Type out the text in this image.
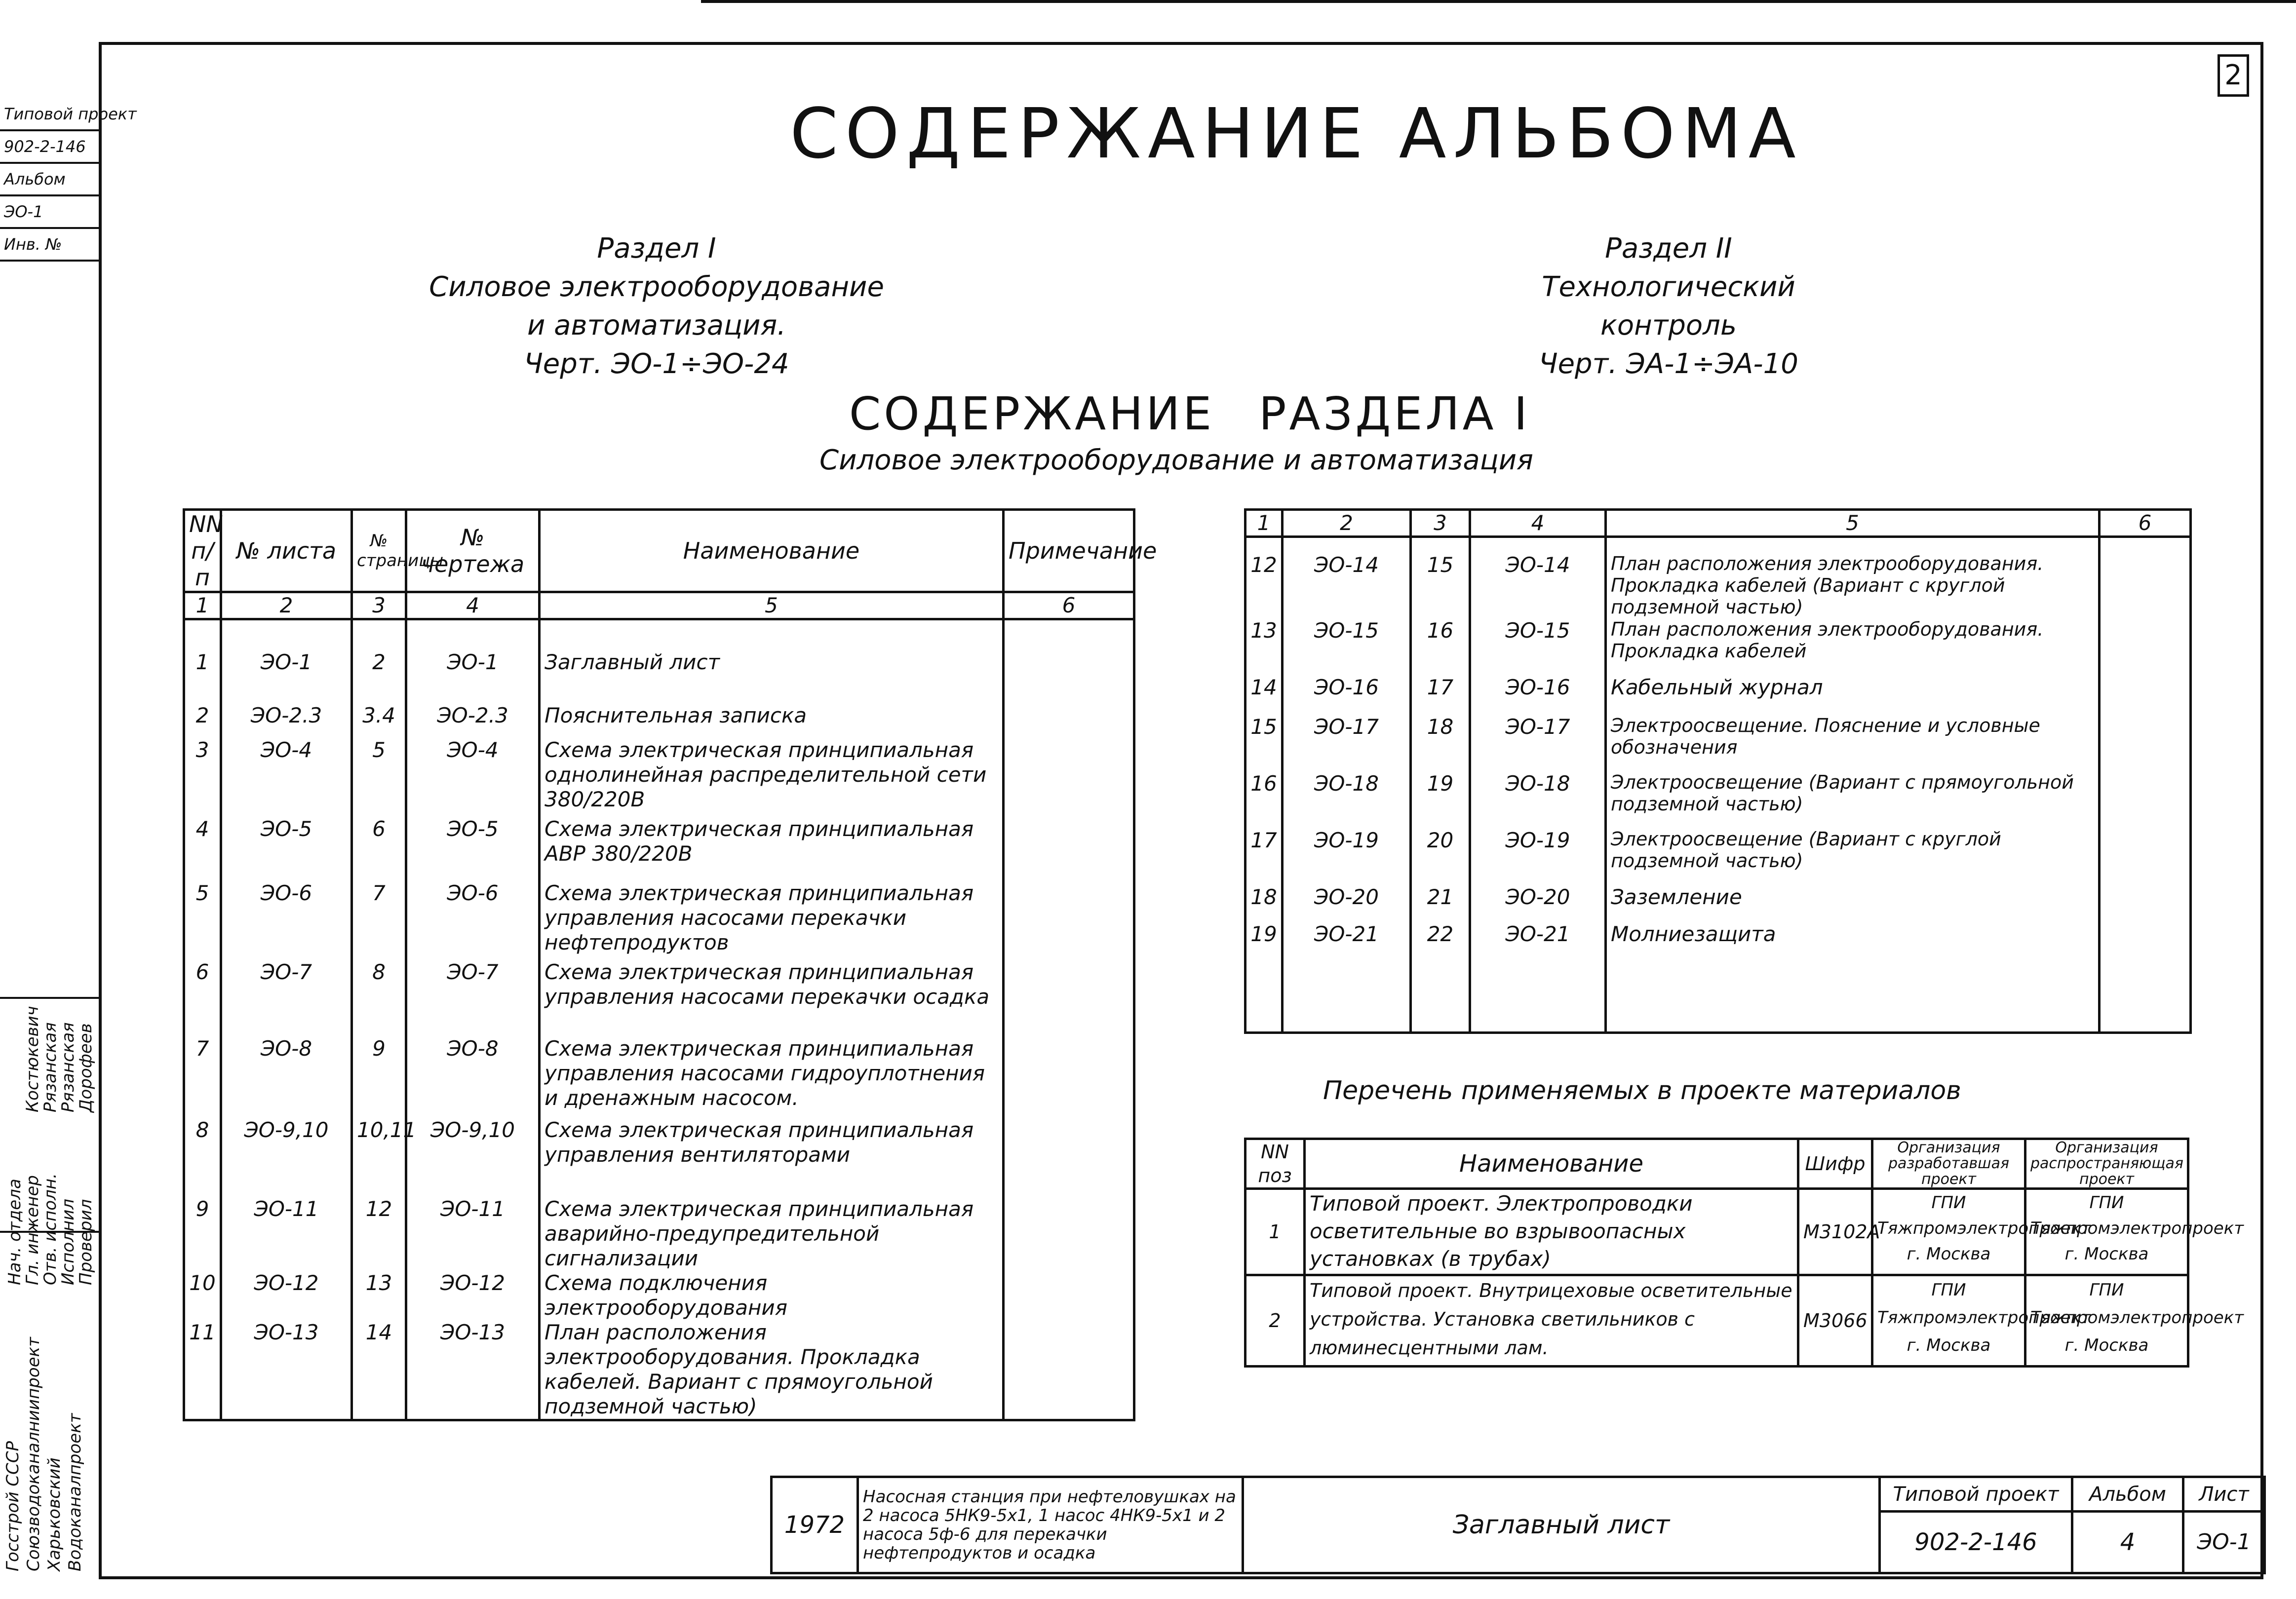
Типовой проект
902-2-146
Альбом
ЭО-1
Инв. №
Госстрой СССР Союзводоканалниипроект Харьковский Водоканалпроект
Нач. отдела
Гл. инженер
Отв. исполн.
Исполнил
Проверил
Костюкевич
Рязанская
Рязанская
Дорофеев
2
СОДЕРЖАНИЕ АЛЬБОМА
Раздел I
Силовое электрооборудование
и автоматизация.
Черт. ЭО-1÷ЭО-24
Раздел II
Технологический
контроль
Черт. ЭА-1÷ЭА-10
СОДЕРЖАНИЕ РАЗДЕЛА I
Силовое электрооборудование и автоматизация
NN п/п	№ листа	№ страницы	№ чертежа	Наименование	Примечание
1	2	3	4	5	6
1	ЭО-1	2	ЭО-1	Заглавный лист	
2	ЭО-2.3	3.4	ЭО-2.3	Пояснительная записка	
3	ЭО-4	5	ЭО-4	Схема электрическая принципиальная однолинейная распределительной сети 380/220В	
4	ЭО-5	6	ЭО-5	Схема электрическая принципиальная АВР 380/220В	
5	ЭО-6	7	ЭО-6	Схема электрическая принципиальная управления насосами перекачки нефтепродуктов	
6	ЭО-7	8	ЭО-7	Схема электрическая принципиальная управления насосами перекачки осадка	
7	ЭО-8	9	ЭО-8	Схема электрическая принципиальная управления насосами гидроуплотнения и дренажным насосом.	
8	ЭО-9,10	10,11	ЭО-9,10	Схема электрическая принципиальная управления вентиляторами	
9	ЭО-11	12	ЭО-11	Схема электрическая принципиальная аварийно-предупредительной сигнализации	
10	ЭО-12	13	ЭО-12	Схема подключения электрооборудования	
11	ЭО-13	14	ЭО-13	План расположения электрооборудования. Прокладка кабелей. Вариант с прямоугольной подземной частью)	
1	2	3	4	5	6
12	ЭО-14	15	ЭО-14	План расположения электрооборудования. Прокладка кабелей (Вариант с круглой подземной частью)	
13	ЭО-15	16	ЭО-15	План расположения электрооборудования. Прокладка кабелей	
14	ЭО-16	17	ЭО-16	Кабельный журнал	
15	ЭО-17	18	ЭО-17	Электроосвещение. Пояснение и условные обозначения	
16	ЭО-18	19	ЭО-18	Электроосвещение (Вариант с прямоугольной подземной частью)	
17	ЭО-19	20	ЭО-19	Электроосвещение (Вариант с круглой подземной частью)	
18	ЭО-20	21	ЭО-20	Заземление	
19	ЭО-21	22	ЭО-21	Молниезащита	
Перечень применяемых в проекте материалов
NN поз	Наименование	Шифр	Организация разработавшая проект	Организация распространяющая проект
1	Типовой проект. Электропроводки осветительные во взрывоопасных установках (в трубах)	М3102А	ГПИ Тяжпромэлектропроект г. Москва	ГПИ Тяжпромэлектропроект г. Москва
2	Типовой проект. Внутрицеховые осветительные устройства. Установка светильников с люминесцентными лам.	М3066	ГПИ Тяжпромэлектропроект г. Москва	ГПИ Тяжпромэлектропроект г. Москва
1972	Насосная станция при нефтеловушках на 2 насоса 5НК9-5х1, 1 насос 4НК9-5х1 и 2 насоса 5ф-6 для перекачки нефтепродуктов и осадка	Заглавный лист	Типовой проект	Альбом	Лист
			902-2-146	4	ЭО-1
